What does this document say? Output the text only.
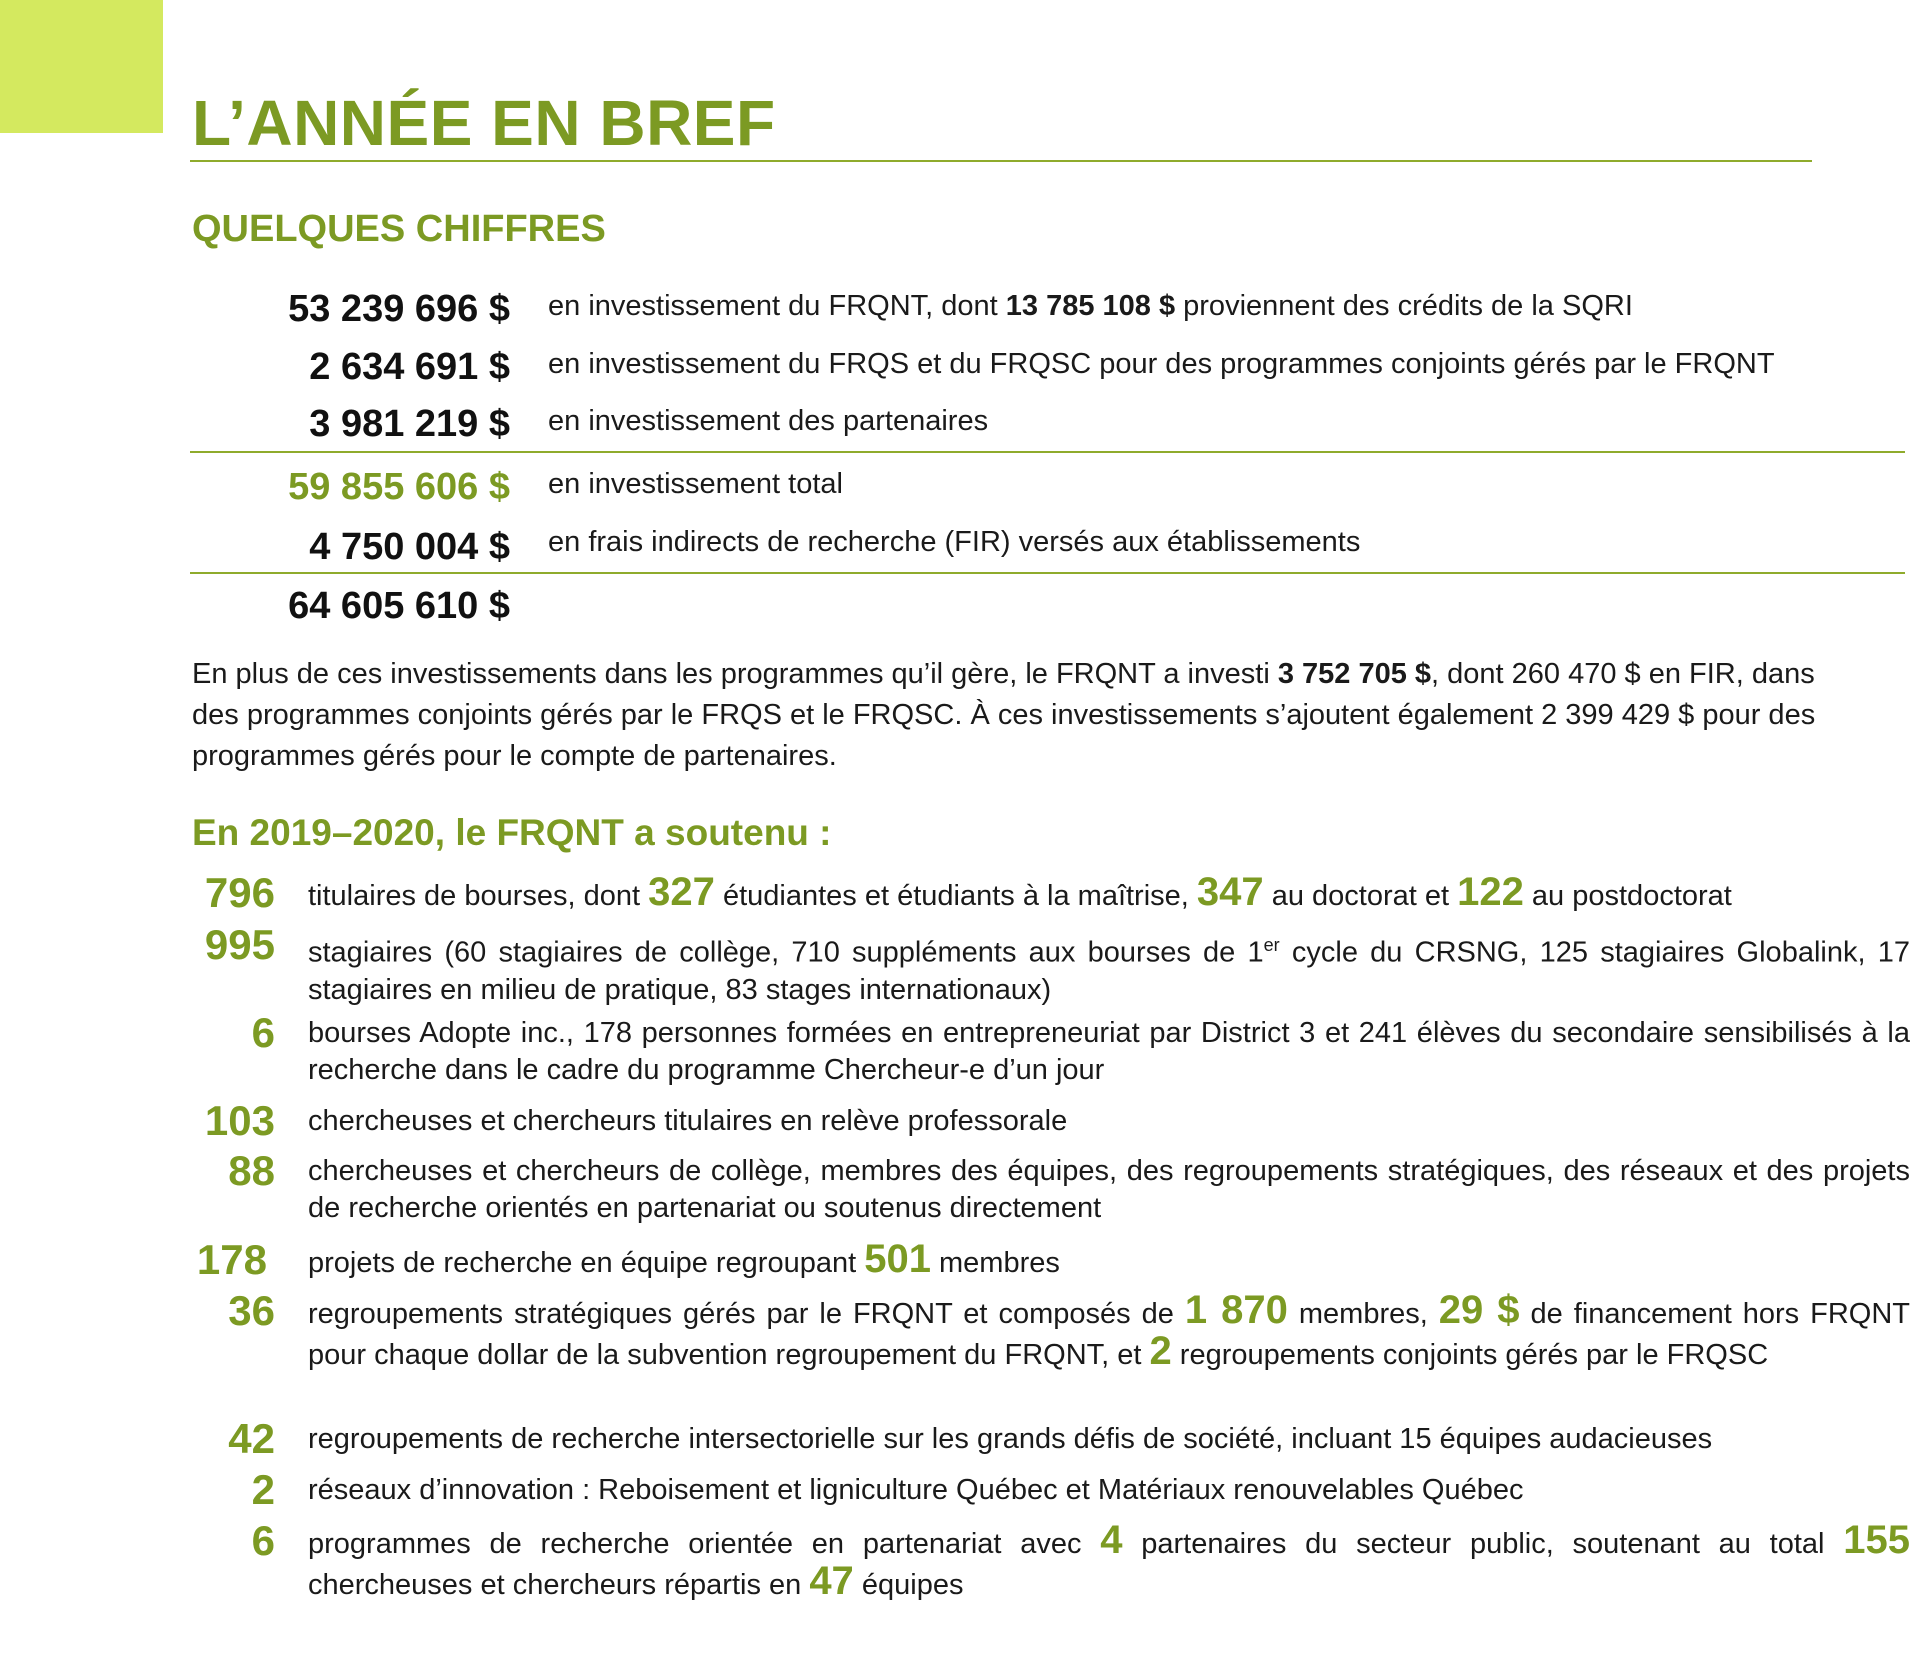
L’ANNÉE EN BREF
QUELQUES CHIFFRES
53 239 696 $ en investissement du FRQNT, dont 13 785 108 $ proviennent des crédits de la SQRI
2 634 691 $ en investissement du FRQS et du FRQSC pour des programmes conjoints gérés par le FRQNT
3 981 219 $ en investissement des partenaires
59 855 606 $ en investissement total
4 750 004 $ en frais indirects de recherche (FIR) versés aux établissements
64 605 610 $

En plus de ces investissements dans les programmes qu’il gère, le FRQNT a investi 3 752 705 $, dont 260 470 $ en FIR, dans des programmes conjoints gérés par le FRQS et le FRQSC. À ces investissements s’ajoutent également 2 399 429 $ pour des programmes gérés pour le compte de partenaires.

En 2019–2020, le FRQNT a soutenu :
796 titulaires de bourses, dont 327 étudiantes et étudiants à la maîtrise, 347 au doctorat et 122 au postdoctorat
995 stagiaires (60 stagiaires de collège, 710 suppléments aux bourses de 1er cycle du CRSNG, 125 stagiaires Globalink, 17 stagiaires en milieu de pratique, 83 stages internationaux)
6 bourses Adopte inc., 178 personnes formées en entrepreneuriat par District 3 et 241 élèves du secondaire sensibilisés à la recherche dans le cadre du programme Chercheur-e d’un jour
103 chercheuses et chercheurs titulaires en relève professorale
88 chercheuses et chercheurs de collège, membres des équipes, des regroupements stratégiques, des réseaux et des projets de recherche orientés en partenariat ou soutenus directement
178 projets de recherche en équipe regroupant 501 membres
36 regroupements stratégiques gérés par le FRQNT et composés de 1 870 membres, 29 $ de financement hors FRQNT pour chaque dollar de la subvention regroupement du FRQNT, et 2 regroupements conjoints gérés par le FRQSC
42 regroupements de recherche intersectorielle sur les grands défis de société, incluant 15 équipes audacieuses
2 réseaux d’innovation : Reboisement et ligniculture Québec et Matériaux renouvelables Québec
6 programmes de recherche orientée en partenariat avec 4 partenaires du secteur public, soutenant au total 155 chercheuses et chercheurs répartis en 47 équipes
